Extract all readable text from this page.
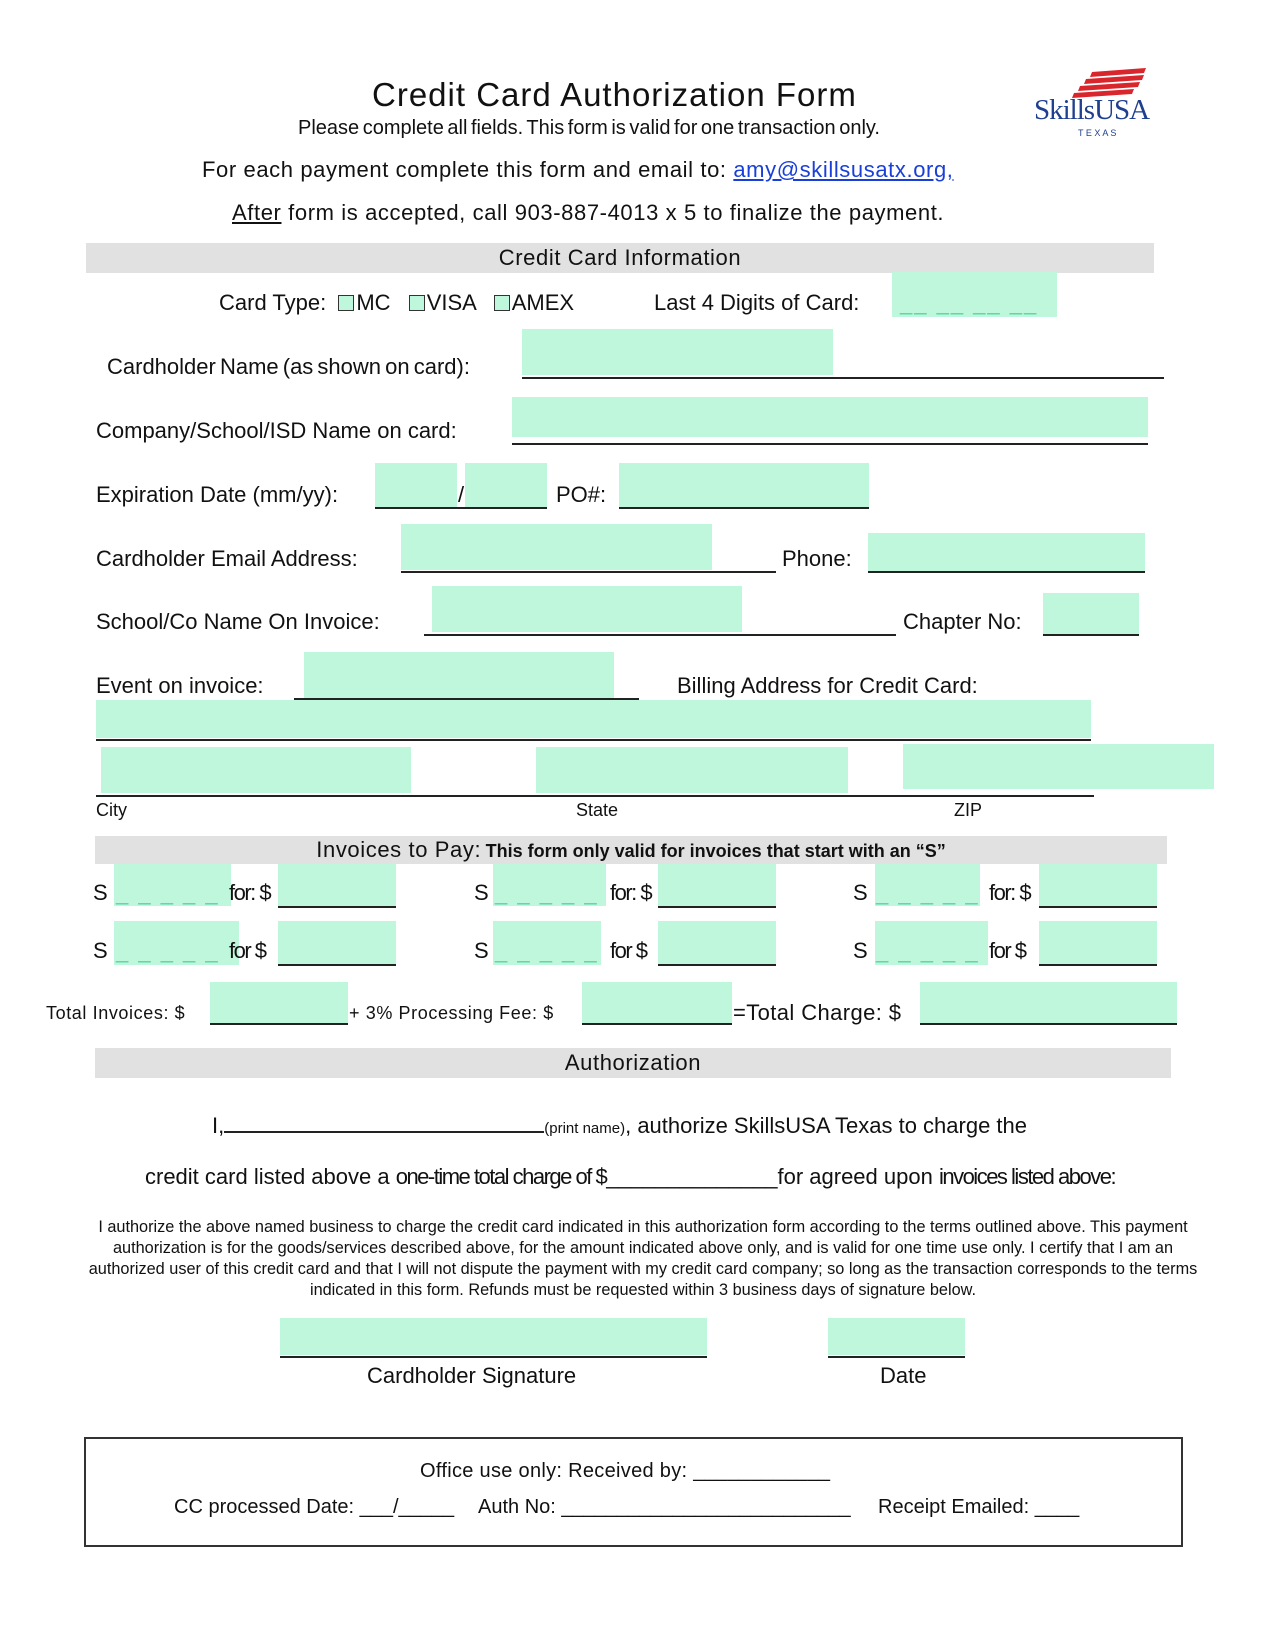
Credit Card Authorization Form
Please complete all fields. This form is valid for one transaction only.
SkillsUSA
T E X A S
For each payment complete this form and email to: amy@skillsusatx.org,
After form is accepted, call 903-887-4013 x 5 to finalize the payment.
Credit Card Information
Card Type: MC VISA AMEX	Last 4 Digits of Card: __ __ __ __
Cardholder Name (as shown on card):
Company/School/ISD Name on card:
Expiration Date (mm/yy):	/	PO#:
Cardholder Email Address:	Phone:
School/Co Name On Invoice:	Chapter No:
Event on invoice:	Billing Address for Credit Card:
City	State	ZIP
Invoices to Pay: This form only valid for invoices that start with an “S”
S _ _ _ _ _ for: $	S _ _ _ _ _ for: $	S _ _ _ _ _ for: $
S _ _ _ _ _ for $	S _ _ _ _ _ for $	S _ _ _ _ _ for $
Total Invoices: $	+ 3% Processing Fee: $	=Total Charge: $
Authorization
I,	(print name), authorize SkillsUSA Texas to charge the
credit card listed above a one-time total charge of $______________for agreed upon invoices listed above:
I authorize the above named business to charge the credit card indicated in this authorization form according to the terms outlined above. This payment authorization is for the goods/services described above, for the amount indicated above only, and is valid for one time use only. I certify that I am an authorized user of this credit card and that I will not dispute the payment with my credit card company; so long as the transaction corresponds to the terms indicated in this form. Refunds must be requested within 3 business days of signature below.
Cardholder Signature	Date
Office use only: Received by: ____________
CC processed Date: ___/_____ Auth No: __________________________ Receipt Emailed: ____
